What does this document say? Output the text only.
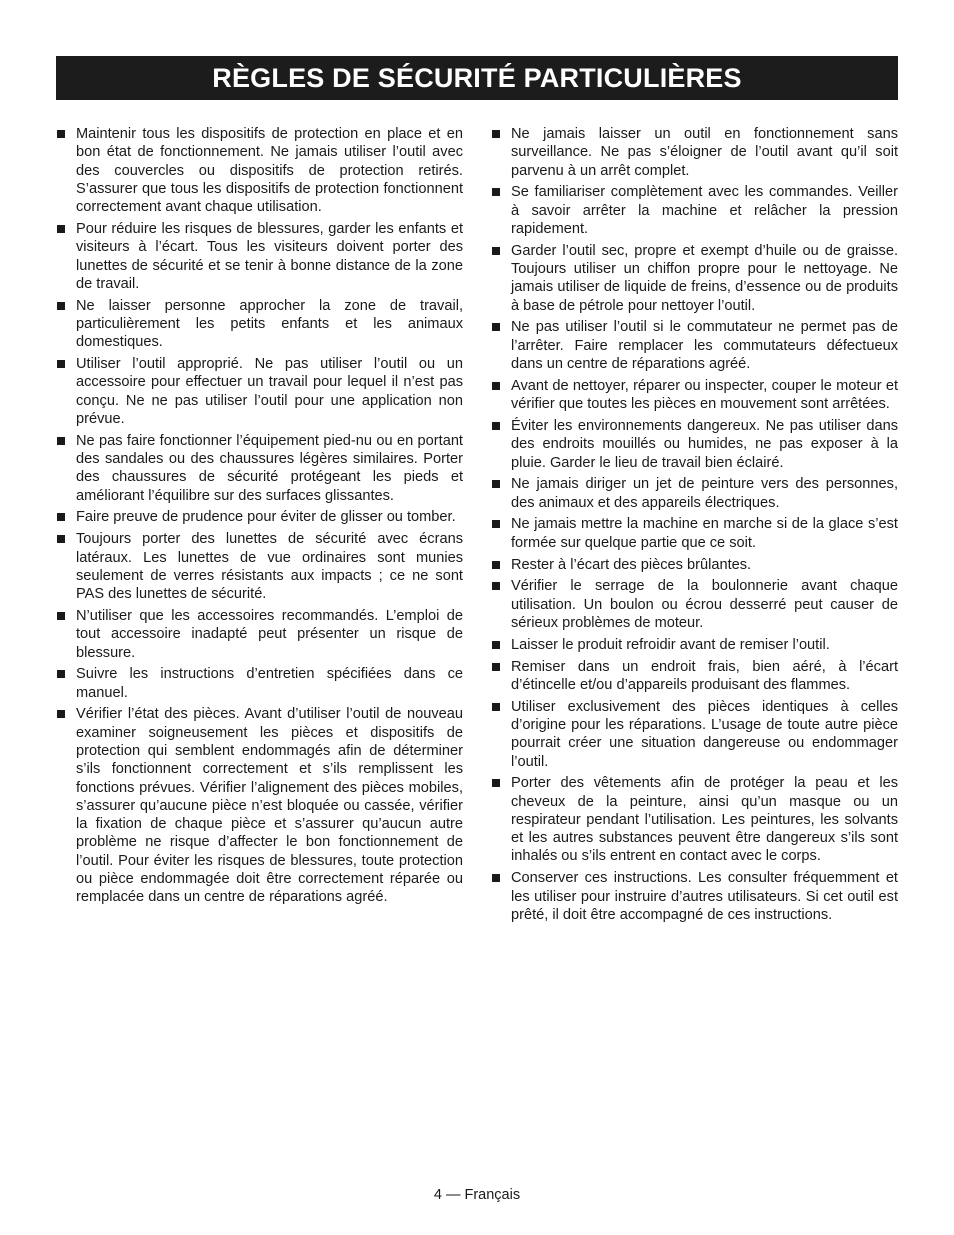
RÈGLES DE SÉCURITÉ PARTICULIÈRES
Maintenir tous les dispositifs de protection en place et en bon état de fonctionnement. Ne jamais utiliser l’outil avec des couvercles ou dispositifs de protection retirés. S’assurer que tous les dispositifs de protection fonctionnent correctement avant chaque utilisation.
Pour réduire les risques de blessures, garder les enfants et visiteurs à l’écart. Tous les visiteurs doivent porter des lunettes de sécurité et se tenir à bonne distance de la zone de travail.
Ne laisser personne approcher la zone de travail, particulièrement les petits enfants et les animaux domestiques.
Utiliser l’outil approprié. Ne pas utiliser l’outil ou un accessoire pour effectuer un travail pour lequel il n’est pas conçu. Ne ne pas utiliser l’outil pour une application non prévue.
Ne pas faire fonctionner l’équipement pied-nu ou en portant des sandales ou des chaussures légères similaires. Porter des chaussures de sécurité protégeant les pieds et améliorant l’équilibre sur des surfaces glissantes.
Faire preuve de prudence pour éviter de glisser ou tomber.
Toujours porter des lunettes de sécurité avec écrans latéraux. Les lunettes de vue ordinaires sont munies seulement de verres résistants aux impacts ; ce ne sont PAS des lunettes de sécurité.
N’utiliser que les accessoires recommandés. L’emploi de tout accessoire inadapté peut présenter un risque de blessure.
Suivre les instructions d’entretien spécifiées dans ce manuel.
Vérifier l’état des pièces. Avant d’utiliser l’outil de nouveau examiner soigneusement les pièces et dispositifs de protection qui semblent endommagés afin de déterminer s’ils fonctionnent correctement et s’ils remplissent les fonctions prévues. Vérifier l’alignement des pièces mobiles, s’assurer qu’aucune pièce n’est bloquée ou cassée, vérifier la fixation de chaque pièce et s’assurer qu’aucun autre problème ne risque d’affecter le bon fonctionnement de l’outil. Pour éviter les risques de blessures, toute protection ou pièce endommagée doit être correctement réparée ou remplacée dans un centre de réparations agréé.
Ne jamais laisser un outil en fonctionnement sans surveillance. Ne pas s’éloigner de l’outil avant qu’il soit parvenu à un arrêt complet.
Se familiariser complètement avec les commandes. Veiller à savoir arrêter la machine et relâcher la pression rapidement.
Garder l’outil sec, propre et exempt d’huile ou de graisse. Toujours utiliser un chiffon propre pour le nettoyage. Ne jamais utiliser de liquide de freins, d’essence ou de produits à base de pétrole pour nettoyer l’outil.
Ne pas utiliser l’outil si le commutateur ne permet pas de l’arrêter. Faire remplacer les commutateurs défectueux dans un centre de réparations agréé.
Avant de nettoyer, réparer ou inspecter, couper le moteur et vérifier que toutes les pièces en mouvement sont arrêtées.
Éviter les environnements dangereux. Ne pas utiliser dans des endroits mouillés ou humides, ne pas exposer à la pluie. Garder le lieu de travail bien éclairé.
Ne jamais diriger un jet de peinture vers des personnes, des animaux et des appareils électriques.
Ne jamais mettre la machine en marche si de la glace s’est formée sur quelque partie que ce soit.
Rester à l’écart des pièces brûlantes.
Vérifier le serrage de la boulonnerie avant chaque utilisation. Un boulon ou écrou desserré peut causer de sérieux problèmes de moteur.
Laisser le produit refroidir avant de remiser l’outil.
Remiser dans un endroit frais, bien aéré, à l’écart d’étincelle et/ou d’appareils produisant des flammes.
Utiliser exclusivement des pièces identiques à celles d’origine pour les réparations. L’usage de toute autre pièce pourrait créer une situation dangereuse ou endommager l’outil.
Porter des vêtements afin de protéger la peau et les cheveux de la peinture, ainsi qu’un masque ou un respirateur pendant l’utilisation. Les peintures, les solvants et les autres substances peuvent être dangereux s’ils sont inhalés ou s’ils entrent en contact avec le corps.
Conserver ces instructions. Les consulter fréquemment et les utiliser pour instruire d’autres utilisateurs. Si cet outil est prêté, il doit être accompagné de ces instructions.
4 — Français
